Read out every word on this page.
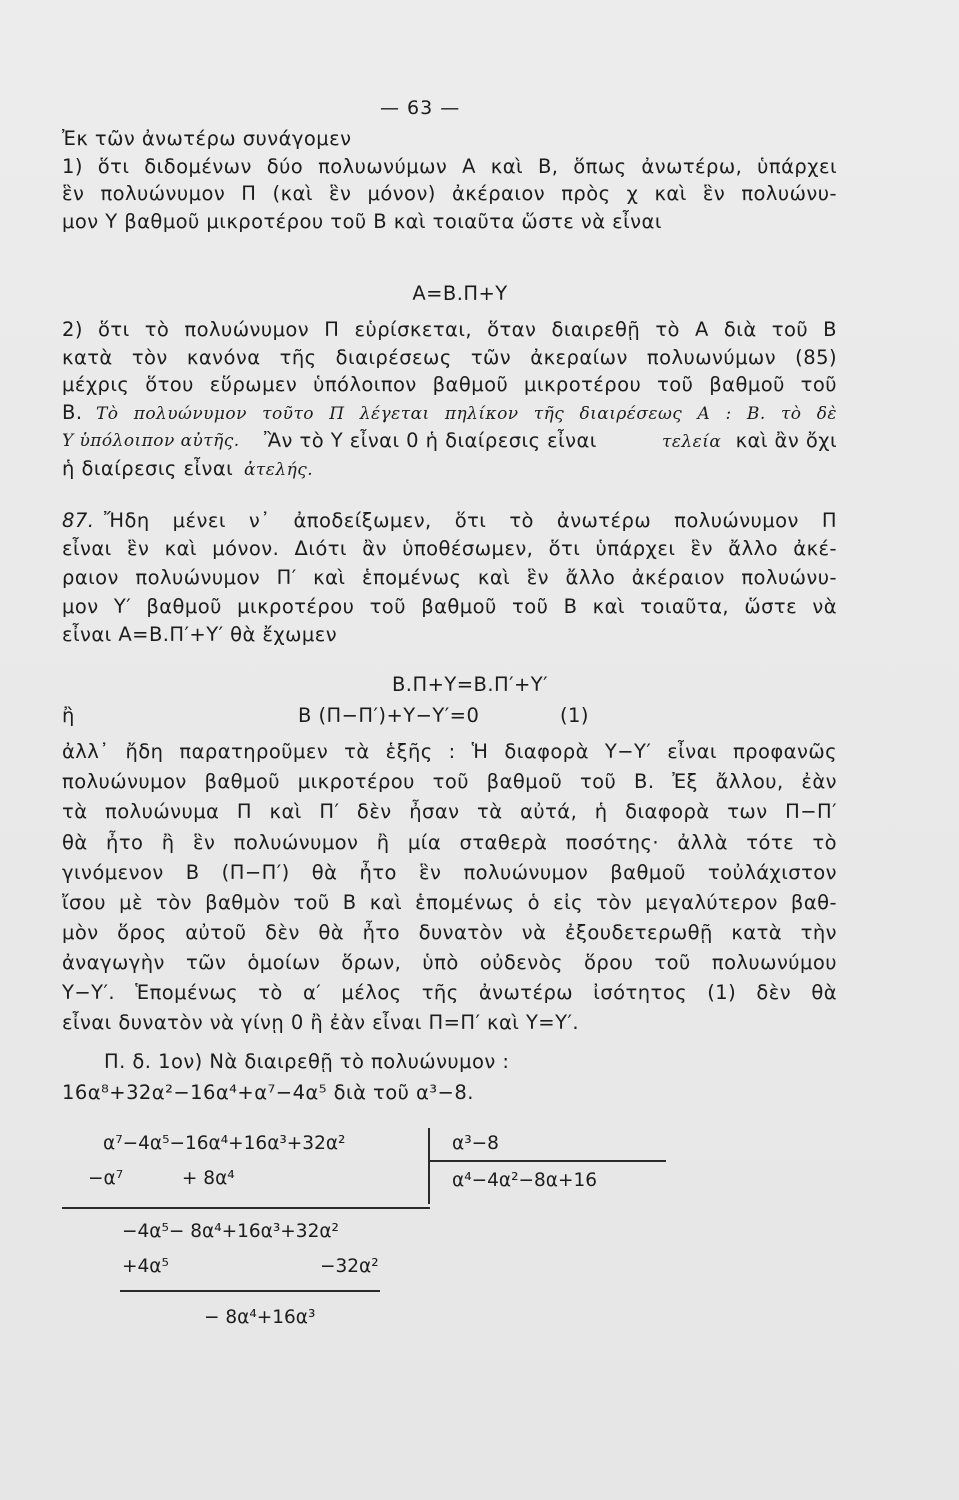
— 63 —
Ἐκ τῶν ἀνωτέρω συνάγομεν
1) ὅτι διδομένων δύο πολυωνύμων Α καὶ Β, ὅπως ἀνωτέρω, ὑπάρχει
ἓν πολυώνυμον Π (καὶ ἓν μόνον) ἀκέραιον πρὸς χ καὶ ἓν πολυώνυ-
μον Υ βαθμοῦ μικροτέρου τοῦ Β καὶ τοιαῦτα ὥστε νὰ εἶναι
Α=Β.Π+Υ
2) ὅτι τὸ πολυώνυμον Π εὑρίσκεται, ὅταν διαιρεθῇ τὸ Α διὰ τοῦ Β
κατὰ τὸν κανόνα τῆς διαιρέσεως τῶν ἀκεραίων πολυωνύμων (85)
μέχρις ὅτου εὕρωμεν ὑπόλοιπον βαθμοῦ μικροτέρου τοῦ βαθμοῦ τοῦ
Β. Τὸ πολυώνυμον τοῦτο Π λέγεται πηλίκον τῆς διαιρέσεως Α : Β. τὸ δὲ
Υ ὑπόλοιπον αὐτῆς.	Ἂν τὸ Υ εἶναι 0 ἡ διαίρεσις εἶναι	τελεία καὶ ἂν ὄχι
ἡ διαίρεσις εἶναι ἀτελής.
87. Ἤδη μένει ν᾽ ἀποδείξωμεν, ὅτι τὸ ἀνωτέρω πολυώνυμον Π
εἶναι ἓν καὶ μόνον. Διότι ἂν ὑποθέσωμεν, ὅτι ὑπάρχει ἓν ἄλλο ἀκέ-
ραιον πολυώνυμον Π′ καὶ ἑπομένως καὶ ἓν ἄλλο ἀκέραιον πολυώνυ-
μον Υ′ βαθμοῦ μικροτέρου τοῦ βαθμοῦ τοῦ Β καὶ τοιαῦτα, ὥστε νὰ
εἶναι Α=Β.Π′+Υ′ θὰ ἔχωμεν
Β.Π+Υ=Β.Π′+Υ′
ἢ	Β (Π−Π′)+Υ−Υ′=0	(1)
ἀλλ᾽ ἤδη παρατηροῦμεν τὰ ἑξῆς : Ἡ διαφορὰ Υ−Υ′ εἶναι προφανῶς
πολυώνυμον βαθμοῦ μικροτέρου τοῦ βαθμοῦ τοῦ Β. Ἐξ ἄλλου, ἐὰν
τὰ πολυώνυμα Π καὶ Π′ δὲν ἦσαν τὰ αὐτά, ἡ διαφορὰ των Π−Π′
θὰ ἦτο ἢ ἓν πολυώνυμον ἢ μία σταθερὰ ποσότης· ἀλλὰ τότε τὸ
γινόμενον Β (Π−Π′) θὰ ἦτο ἓν πολυώνυμον βαθμοῦ τοὐλάχιστον
ἴσου μὲ τὸν βαθμὸν τοῦ Β καὶ ἑπομένως ὁ εἰς τὸν μεγαλύτερον βαθ-
μὸν ὅρος αὐτοῦ δὲν θὰ ἦτο δυνατὸν νὰ ἐξουδετερωθῇ κατὰ τὴν
ἀναγωγὴν τῶν ὁμοίων ὅρων, ὑπὸ οὐδενὸς ὅρου τοῦ πολυωνύμου
Υ−Υ′. Ἑπομένως τὸ α′ μέλος τῆς ἀνωτέρω ἰσότητος (1) δὲν θὰ
εἶναι δυνατὸν νὰ γίνῃ 0 ἢ ἐὰν εἶναι Π=Π′ καὶ Υ=Υ′.
Π. δ. 1ον) Νὰ διαιρεθῇ τὸ πολυώνυμον :
16α⁸+32α²−16α⁴+α⁷−4α⁵ διὰ τοῦ α³−8.
α⁷−4α⁵−16α⁴+16α³+32α²
−α⁷          + 8α⁴
α³−8
α⁴−4α²−8α+16
−4α⁵− 8α⁴+16α³+32α²
+4α⁵	−32α²
− 8α⁴+16α³
